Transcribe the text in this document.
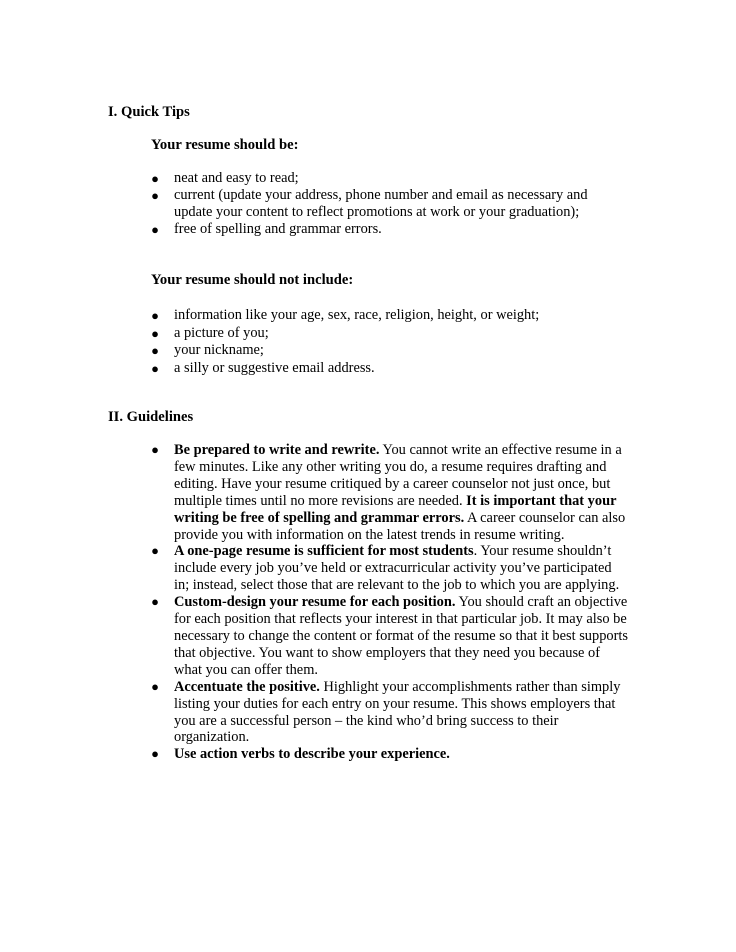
I. Quick Tips
Your resume should be:
● neat and easy to read;
● current (update your address, phone number and email as necessary and update your content to reflect promotions at work or your graduation);
● free of spelling and grammar errors.
Your resume should not include:
● information like your age, sex, race, religion, height, or weight;
● a picture of you;
● your nickname;
● a silly or suggestive email address.
II. Guidelines
● Be prepared to write and rewrite. You cannot write an effective resume in a few minutes. Like any other writing you do, a resume requires drafting and editing. Have your resume critiqued by a career counselor not just once, but multiple times until no more revisions are needed. It is important that your writing be free of spelling and grammar errors. A career counselor can also provide you with information on the latest trends in resume writing.
● A one-page resume is sufficient for most students. Your resume shouldn’t include every job you’ve held or extracurricular activity you’ve participated in; instead, select those that are relevant to the job to which you are applying.
● Custom-design your resume for each position. You should craft an objective for each position that reflects your interest in that particular job. It may also be necessary to change the content or format of the resume so that it best supports that objective. You want to show employers that they need you because of what you can offer them.
● Accentuate the positive. Highlight your accomplishments rather than simply listing your duties for each entry on your resume. This shows employers that you are a successful person – the kind who’d bring success to their organization.
● Use action verbs to describe your experience.
